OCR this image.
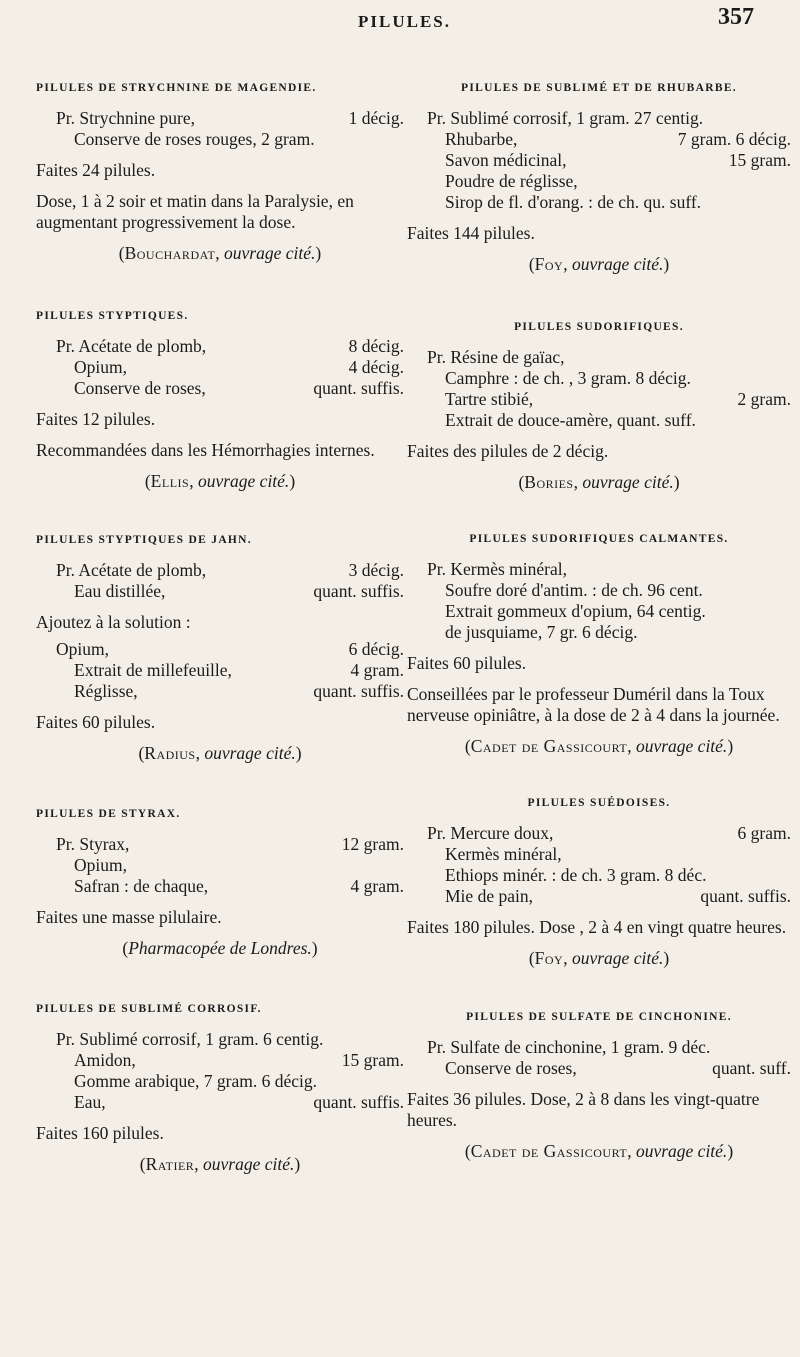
PILULES.	357
PILULES DE STRYCHNINE DE MAGENDIE.
Pr. Strychnine pure,	1 décig.
Conserve de roses rouges, 2 gram.
Faites 24 pilules.
Dose, 1 à 2 soir et matin dans la Paralysie, en augmentant progressivement la dose.
(Bouchardat, ouvrage cité.)
PILULES STYPTIQUES.
Pr. Acétate de plomb,	8 décig.
Opium,	4 décig.
Conserve de roses,	quant. suffis.
Faites 12 pilules.
Recommandées dans les Hémorrhagies internes.
(Ellis, ouvrage cité.)
PILULES STYPTIQUES DE JAHN.
Pr. Acétate de plomb,	3 décig.
Eau distillée,	quant. suffis.
Ajoutez à la solution :
Opium,	6 décig.
Extrait de millefeuille,	4 gram.
Réglisse,	quant. suffis.
Faites 60 pilules.
(Radius, ouvrage cité.)
PILULES DE STYRAX.
Pr. Styrax,	12 gram.
Opium,
Safran : de chaque,	4 gram.
Faites une masse pilulaire.
(Pharmacopée de Londres.)
PILULES DE SUBLIMÉ CORROSIF.
Pr. Sublimé corrosif, 1 gram. 6 centig.
Amidon,	15 gram.
Gomme arabique, 7 gram. 6 décig.
Eau,	quant. suffis.
Faites 160 pilules.
(Ratier, ouvrage cité.)
PILULES DE SUBLIMÉ ET DE RHUBARBE.
Pr. Sublimé corrosif, 1 gram. 27 centig.
Rhubarbe,	7 gram. 6 décig.
Savon médicinal,	15 gram.
Poudre de réglisse,
Sirop de fl. d'orang. : de ch. qu. suff.
Faites 144 pilules.
(Foy, ouvrage cité.)
PILULES SUDORIFIQUES.
Pr. Résine de gaïac,
Camphre : de ch. , 3 gram. 8 décig.
Tartre stibié,	2 gram.
Extrait de douce-amère, quant. suff.
Faites des pilules de 2 décig.
(Bories, ouvrage cité.)
PILULES SUDORIFIQUES CALMANTES.
Pr. Kermès minéral,
Soufre doré d'antim. : de ch. 96 cent.
Extrait gommeux d'opium, 64 centig.
de jusquiame, 7 gr. 6 décig.
Faites 60 pilules.
Conseillées par le professeur Duméril dans la Toux nerveuse opiniâtre, à la dose de 2 à 4 dans la journée.
(Cadet de Gassicourt, ouvrage cité.)
PILULES SUÉDOISES.
Pr. Mercure doux,	6 gram.
Kermès minéral,
Ethiops minér. : de ch. 3 gram. 8 déc.
Mie de pain,	quant. suffis.
Faites 180 pilules. Dose , 2 à 4 en vingt quatre heures.
(Foy, ouvrage cité.)
PILULES DE SULFATE DE CINCHONINE.
Pr. Sulfate de cinchonine, 1 gram. 9 déc.
Conserve de roses,	quant. suff.
Faites 36 pilules. Dose, 2 à 8 dans les vingt-quatre heures.
(Cadet de Gassicourt, ouvrage cité.)
